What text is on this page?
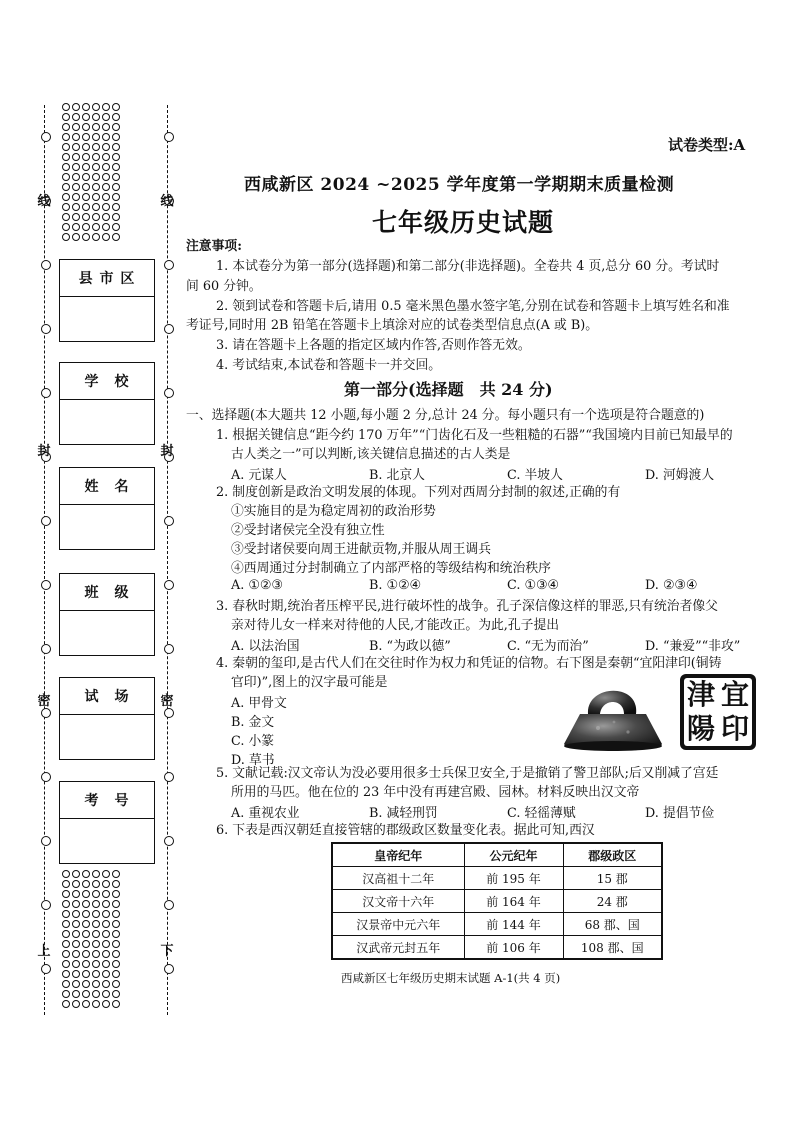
线
封
密
上
线
封
密
下
县 市 区
学　校
姓　名
班　级
试　场
考　号
试卷类型:A
西咸新区 2024 ~2025 学年度第一学期期末质量检测
七年级历史试题
注意事项:
1. 本试卷分为第一部分(选择题)和第二部分(非选择题)。全卷共 4 页,总分 60 分。考试时
间 60 分钟。
2. 领到试卷和答题卡后,请用 0.5 毫米黑色墨水签字笔,分别在试卷和答题卡上填写姓名和准
考证号,同时用 2B 铅笔在答题卡上填涂对应的试卷类型信息点(A 或 B)。
3. 请在答题卡上各题的指定区域内作答,否则作答无效。
4. 考试结束,本试卷和答题卡一并交回。
第一部分(选择题　共 24 分)
一、选择题(本大题共 12 小题,每小题 2 分,总计 24 分。每小题只有一个选项是符合题意的)
1. 根据关键信息“距今约 170 万年”“门齿化石及一些粗糙的石器”“我国境内目前已知最早的
古人类之一”可以判断,该关键信息描述的古人类是
A. 元谋人	B. 北京人	C. 半坡人	D. 河姆渡人
2. 制度创新是政治文明发展的体现。下列对西周分封制的叙述,正确的有
①实施目的是为稳定周初的政治形势
②受封诸侯完全没有独立性
③受封诸侯要向周王进献贡物,并服从周王调兵
④西周通过分封制确立了内部严格的等级结构和统治秩序
A. ①②③	B. ①②④	C. ①③④	D. ②③④
3. 春秋时期,统治者压榨平民,进行破坏性的战争。孔子深信像这样的罪恶,只有统治者像父
亲对待儿女一样来对待他的人民,才能改正。为此,孔子提出
A. 以法治国	B. “为政以德”	C. “无为而治”	D. “兼爱”“非攻”
4. 秦朝的玺印,是古代人们在交往时作为权力和凭证的信物。右下图是秦朝“宜阳津印(铜铸
官印)”,图上的汉字最可能是
A. 甲骨文
B. 金文
C. 小篆
D. 草书
津 宜
陽 印
5. 文献记载:汉文帝认为没必要用很多士兵保卫安全,于是撤销了警卫部队;后又削减了宫廷
所用的马匹。他在位的 23 年中没有再建宫殿、园林。材料反映出汉文帝
A. 重视农业	B. 减轻刑罚	C. 轻徭薄赋	D. 提倡节俭
6. 下表是西汉朝廷直接管辖的郡级政区数量变化表。据此可知,西汉
皇帝纪年	公元纪年	郡级政区
汉高祖十二年	前 195 年	15 郡
汉文帝十六年	前 164 年	24 郡
汉景帝中元六年	前 144 年	68 郡、国
汉武帝元封五年	前 106 年	108 郡、国
西咸新区七年级历史期末试题 A-1(共 4 页)
